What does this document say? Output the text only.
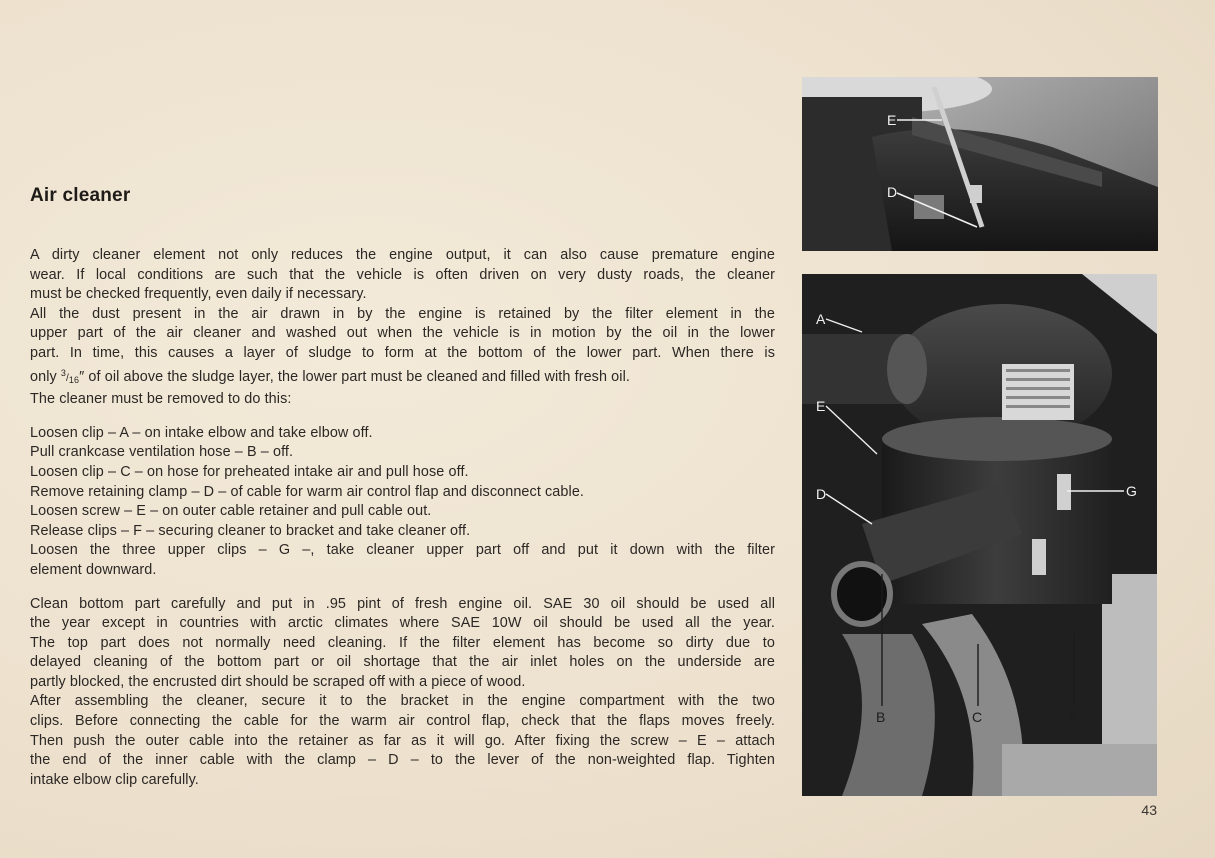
Air cleaner

A dirty cleaner element not only reduces the engine output, it can also cause premature engine
wear. If local conditions are such that the vehicle is often driven on very dusty roads, the cleaner
must be checked frequently, even daily if necessary.
All the dust present in the air drawn in by the engine is retained by the filter element in the
upper part of the air cleaner and washed out when the vehicle is in motion by the oil in the lower
part. In time, this causes a layer of sludge to form at the bottom of the lower part. When there is
only $^3/_{16}''$ of oil above the sludge layer, the lower part must be cleaned and filled with fresh oil.
The cleaner must be removed to do this:

Loosen clip – A – on intake elbow and take elbow off.
Pull crankcase ventilation hose – B – off.
Loosen clip – C – on hose for preheated intake air and pull hose off.
Remove retaining clamp – D – of cable for warm air control flap and disconnect cable.
Loosen screw – E – on outer cable retainer and pull cable out.
Release clips – F – securing cleaner to bracket and take cleaner off.
Loosen the three upper clips – G –, take cleaner upper part off and put it down with the filter
element downward.

Clean bottom part carefully and put in .95 pint of fresh engine oil. SAE 30 oil should be used all
the year except in countries with arctic climates where SAE 10W oil should be used all the year.
The top part does not normally need cleaning. If the filter element has become so dirty due to
delayed cleaning of the bottom part or oil shortage that the air inlet holes on the underside are
partly blocked, the encrusted dirt should be scraped off with a piece of wood.
After assembling the cleaner, secure it to the bracket in the engine compartment with the two
clips. Before connecting the cable for the warm air control flap, check that the flaps moves freely.
Then push the outer cable into the retainer as far as it will go. After fixing the screw – E – attach
the end of the inner cable with the clamp – D – to the lever of the non-weighted flap. Tighten
intake elbow clip carefully.

E
D
A
E
D	G
B	C	F
43
